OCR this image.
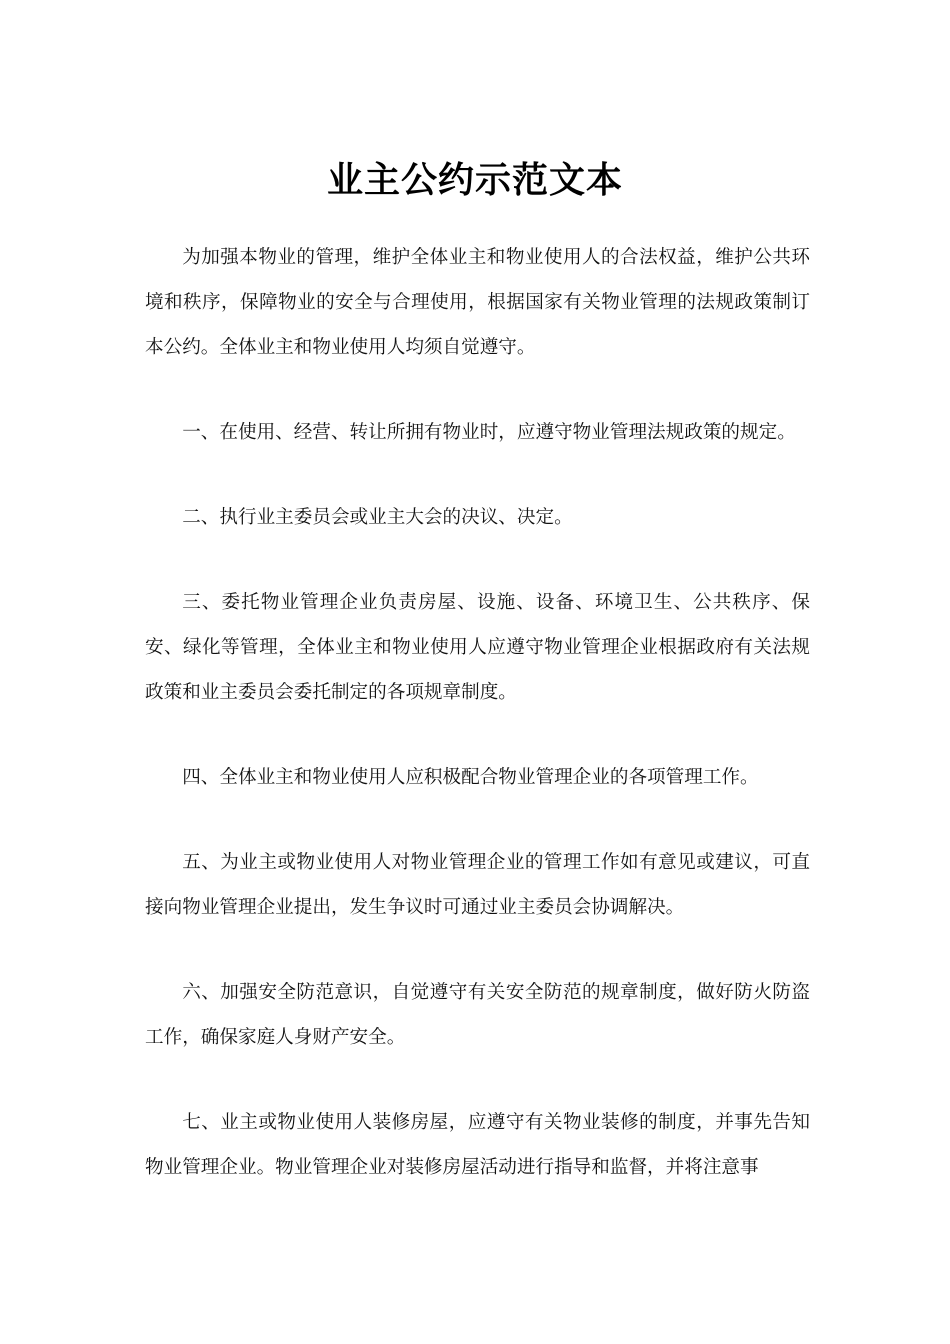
业主公约示范文本

为加强本物业的管理，维护全体业主和物业使用人的合法权益，维护公共环境和秩序，保障物业的安全与合理使用，根据国家有关物业管理的法规政策制订本公约。全体业主和物业使用人均须自觉遵守。

一、在使用、经营、转让所拥有物业时，应遵守物业管理法规政策的规定。

二、执行业主委员会或业主大会的决议、决定。

三、委托物业管理企业负责房屋、设施、设备、环境卫生、公共秩序、保安、绿化等管理，全体业主和物业使用人应遵守物业管理企业根据政府有关法规政策和业主委员会委托制定的各项规章制度。

四、全体业主和物业使用人应积极配合物业管理企业的各项管理工作。

五、为业主或物业使用人对物业管理企业的管理工作如有意见或建议，可直接向物业管理企业提出，发生争议时可通过业主委员会协调解决。

六、加强安全防范意识，自觉遵守有关安全防范的规章制度，做好防火防盗工作，确保家庭人身财产安全。

七、业主或物业使用人装修房屋，应遵守有关物业装修的制度，并事先告知物业管理企业。物业管理企业对装修房屋活动进行指导和监督，并将注意事
